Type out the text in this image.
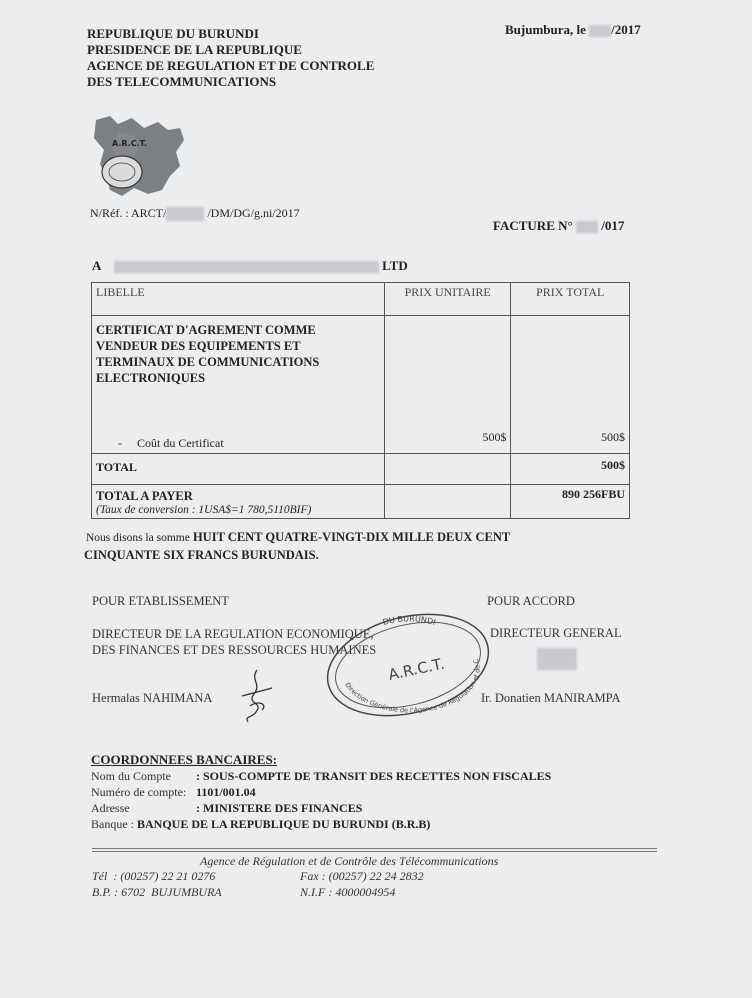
REPUBLIQUE DU BURUNDI
PRESIDENCE DE LA REPUBLIQUE
AGENCE DE REGULATION ET DE CONTROLE
DES TELECOMMUNICATIONS
Bujumbura, le /2017
A.R.C.T.
N/Réf. : ARCT/	/DM/DG/g.ni/2017
FACTURE N° /017
A	LTD
LIBELLE	PRIX UNITAIRE	PRIX TOTAL

CERTIFICAT D'AGREMENT COMME
VENDEUR DES EQUIPEMENTS ET
TERMINAUX DE COMMUNICATIONS
ELECTRONIQUES
- Coût du Certificat	500$	500$

TOTAL		500$

TOTAL A PAYER
(Taux de conversion : 1USA$=1 780,5110BIF)		890 256FBU
Nous disons la somme HUIT CENT QUATRE-VINGT-DIX MILLE DEUX CENT
CINQUANTE SIX FRANCS BURUNDAIS.
POUR ETABLISSEMENT	POUR ACCORD
DIRECTEUR DE LA REGULATION ECONOMIQUE,
DES FINANCES ET DES RESSOURCES HUMAINES
DIRECTEUR GENERAL
Hermalas NAHIMANA	Ir. Donatien MANIRAMPA
DU BURUNDI
A.R.C.T.
Direction Générale de l'Agence de Régulation et de C
COORDONNEES BANCAIRES:
Nom du Compte	: SOUS-COMPTE DE TRANSIT DES RECETTES NON FISCALES
Numéro de compte: 1101/001.04
Adresse	: MINISTERE DES FINANCES
Banque :
BANQUE DE LA REPUBLIQUE DU BURUNDI (B.R.B)
Agence de Régulation et de Contrôle des Télécommunications
Tél  : (00257) 22 21 0276	Fax : (00257) 22 24 2832
B.P. : 6702  BUJUMBURA	N.I.F : 4000004954
